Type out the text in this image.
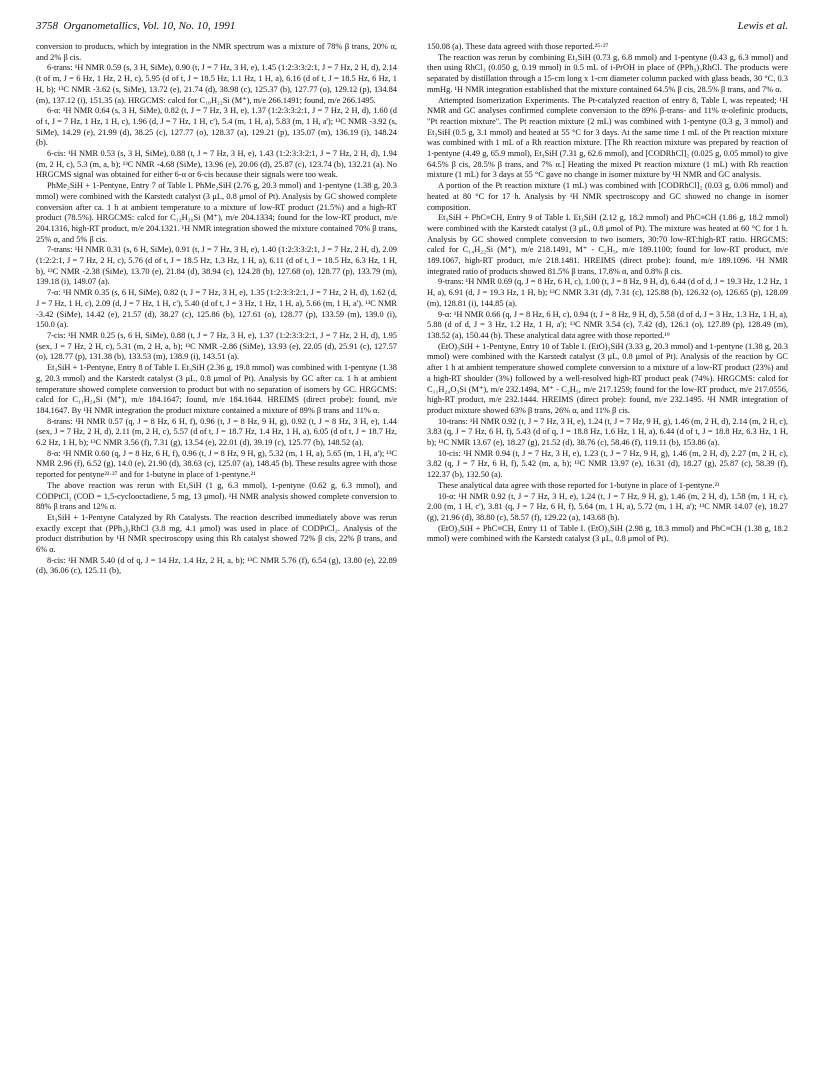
3758 Organometallics, Vol. 10, No. 10, 1991	Lewis et al.

conversion to products, which by integration in the NMR spectrum was a mixture of 78% β trans, 20% α, and 2% β cis.

6-trans: ¹H NMR 0.59 (s, 3 H, SiMe), 0.90 (t, J = 7 Hz, 3 H, e), 1.45 (1:2:3:3:2:1, J = 7 Hz, 2 H, d), 2.14 (t of m, J = 6 Hz, 1 Hz, 2 H, c), 5.95 (d of t, J = 18.5 Hz, 1.1 Hz, 1 H, a), 6.16 (d of t, J = 18.5 Hz, 6 Hz, 1 H, b); ¹³C NMR -3.62 (s, SiMe), 13.72 (e), 21.74 (d), 38.98 (c), 125.37 (b), 127.77 (o), 129.12 (p), 134.84 (m), 137.12 (i), 151.35 (a). HRGCMS: calcd for C₁₈H₂₂Si (M⁺), m/e 266.1491; found, m/e 266.1495.

6-α: ¹H NMR 0.64 (s, 3 H, SiMe), 0.82 (t, J = 7 Hz, 3 H, e), 1.37 (1:2:3:3:2:1, J = 7 Hz, 2 H, d), 1.60 (d of t, J = 7 Hz, 1 Hz, 1 H, c), 1.96 (d, J = 7 Hz, 1 H, c'), 5.4 (m, 1 H, a), 5.83 (m, 1 H, a'); ¹³C NMR -3.92 (s, SiMe), 14.29 (e), 21.99 (d), 38.25 (c), 127.77 (o), 128.37 (a), 129.21 (p), 135.07 (m), 136.19 (i), 148.24 (b).

6-cis: ¹H NMR 0.53 (s, 3 H, SiMe), 0.88 (t, J = 7 Hz, 3 H, e), 1.43 (1:2:3:3:2:1, J = 7 Hz, 2 H, d), 1.94 (m, 2 H, c), 5.3 (m, a, b); ¹³C NMR -4.68 (SiMe), 13.96 (e), 20.06 (d), 25.87 (c), 123.74 (b), 132.21 (a). No HRGCMS signal was obtained for either 6-α or 6-cis because their signals were too weak.

PhMe₂SiH + 1-Pentyne, Entry 7 of Table I. PhMe₂SiH (2.76 g, 20.3 mmol) and 1-pentyne (1.38 g, 20.3 mmol) were combined with the Karstedt catalyst (3 μL, 0.8 μmol of Pt). Analysis by GC showed complete conversion after ca. 1 h at ambient temperature to a mixture of low-RT product (21.5%) and a high-RT product (78.5%). HRGCMS: calcd for C₁₃H₂₀Si (M⁺), m/e 204.1334; found for the low-RT product, m/e 204.1316, high-RT product, m/e 204.1321. ¹H NMR integration showed the mixture contained 70% β trans, 25% α, and 5% β cis.

7-trans: ¹H NMR 0.31 (s, 6 H, SiMe), 0.91 (t, J = 7 Hz, 3 H, e), 1.40 (1:2:3:3:2:1, J = 7 Hz, 2 H, d), 2.09 (1:2:2:1, J = 7 Hz, 2 H, c), 5.76 (d of t, J = 18.5 Hz, 1.3 Hz, 1 H, a), 6.11 (d of t, J = 18.5 Hz, 6.3 Hz, 1 H, b), ¹³C NMR -2.38 (SiMe), 13.70 (e), 21.84 (d), 38.94 (c), 124.28 (b), 127.68 (o), 128.77 (p), 133.79 (m), 139.18 (i), 149.07 (a).

7-α: ¹H NMR 0.35 (s, 6 H, SiMe), 0.82 (t, J = 7 Hz, 3 H, e), 1.35 (1:2:3:3:2:1, J = 7 Hz, 2 H, d), 1.62 (d, J = 7 Hz, 1 H, c), 2.09 (d, J = 7 Hz, 1 H, c'), 5.40 (d of t, J = 3 Hz, 1 Hz, 1 H, a), 5.66 (m, 1 H, a'). ¹³C NMR -3.42 (SiMe), 14.42 (e), 21.57 (d), 38.27 (c), 125.86 (b), 127.61 (o), 128.77 (p), 133.59 (m), 139.0 (i), 150.0 (a).

7-cis: ¹H NMR 0.25 (s, 6 H, SiMe), 0.88 (t, J = 7 Hz, 3 H, e), 1.37 (1:2:3:3:2:1, J = 7 Hz, 2 H, d), 1.95 (sex, J = 7 Hz, 2 H, c), 5.31 (m, 2 H, a, b); ¹³C NMR -2.86 (SiMe), 13.93 (e), 22.05 (d), 25.91 (c), 127.57 (o), 128.77 (p), 131.38 (b), 133.53 (m), 138.9 (i), 143.51 (a).

Et₃SiH + 1-Pentyne, Entry 8 of Table I. Et₃SiH (2.36 g, 19.8 mmol) was combined with 1-pentyne (1.38 g, 20.3 mmol) and the Karstedt catalyst (3 μL, 0.8 μmol of Pt). Analysis by GC after ca. 1 h at ambient temperature showed complete conversion to product but with no separation of isomers by GC. HRGCMS: calcd for C₁₁H₂₄Si (M⁺), m/e 184.1647; found, m/e 184.1644. HREIMS (direct probe): found, m/e 184.1647. By ¹H NMR integration the product mixture contained a mixture of 89% β trans and 11% α.

8-trans: ¹H NMR 0.57 (q, J = 8 Hz, 6 H, f), 0.96 (t, J = 8 Hz, 9 H, g), 0.92 (t, J = 8 Hz, 3 H, e), 1.44 (sex, J = 7 Hz, 2 H, d), 2.11 (m, 2 H, c), 5.57 (d of t, J = 18.7 Hz, 1.4 Hz, 1 H, a), 6.05 (d of t, J = 18.7 Hz, 6.2 Hz, 1 H, b); ¹³C NMR 3.56 (f), 7.31 (g), 13.54 (e), 22.01 (d), 39.19 (c), 125.77 (b), 148.52 (a).

8-α: ¹H NMR 0.60 (q, J = 8 Hz, 6 H, f), 0.96 (t, J = 8 Hz, 9 H, g), 5.32 (m, 1 H, a), 5.65 (m, 1 H, a'); ¹³C NMR 2.96 (f), 6.52 (g), 14.0 (e), 21.90 (d), 38.63 (c), 125.07 (a), 148.45 (b). These results agree with those reported for pentyne²²·²⁷ and for 1-butyne in place of 1-pentyne.²¹

The above reaction was rerun with Et₃SiH (1 g, 6.3 mmol), 1-pentyne (0.62 g, 6.3 mmol), and CODPtCl₂ (COD = 1,5-cyclooctadiene, 5 mg, 13 μmol). ¹H NMR analysis showed complete conversion to 88% β trans and 12% α.

Et₃SiH + 1-Pentyne Catalyzed by Rh Catalysts. The reaction described immediately above was rerun exactly except that (PPh₃)₃RhCl (3.8 mg, 4.1 μmol) was used in place of CODPtCl₂. Analysis of the product distribution by ¹H NMR spectroscopy using this Rh catalyst showed 72% β cis, 22% β trans, and 6% α.

8-cis: ¹H NMR 5.40 (d of q, J = 14 Hz, 1.4 Hz, 2 H, a, b); ¹³C NMR 5.76 (f), 6.54 (g), 13.80 (e), 22.89 (d), 36.06 (c), 125.11 (b),

150.08 (a). These data agreed with those reported.²⁵·²⁷

The reaction was rerun by combining Et₃SiH (0.73 g, 6.8 mmol) and 1-pentyne (0.43 g, 6.3 mmol) and then using RhCl₃ (0.050 g, 0.19 mmol) in 0.5 mL of i-PrOH in place of (PPh₃)₃RhCl. The products were separated by distillation through a 15-cm long x 1-cm diameter column packed with glass beads, 30 °C, 0.3 mmHg. ¹H NMR integration established that the mixture contained 64.5% β cis, 28.5% β trans, and 7% α.

Attempted Isomerization Experiments. The Pt-catalyzed reaction of entry 8, Table I, was repeated; ¹H NMR and GC analyses confirmed complete conversion to the 89% β-trans- and 11% α-olefinic products, "Pt reaction mixture". The Pt reaction mixture (2 mL) was combined with 1-pentyne (0.3 g, 3 mmol) and Et₃SiH (0.5 g, 3.1 mmol) and heated at 55 °C for 3 days. At the same time 1 mL of the Pt reaction mixture was combined with 1 mL of a Rh reaction mixture. [The Rh reaction mixture was prepared by reaction of 1-pentyne (4.49 g, 65.9 mmol), Et₃SiH (7.31 g, 62.6 mmol), and [CODRhCl]₂ (0.025 g, 0.05 mmol) to give 64.5% β cis, 28.5% β trans, and 7% α.] Heating the mixed Pt reaction mixture (1 mL) with Rh reaction mixture (1 mL) for 3 days at 55 °C gave no change in isomer mixture by ¹H NMR and GC analysis.

A portion of the Pt reaction mixture (1 mL) was combined with [CODRhCl]₂ (0.03 g, 0.06 mmol) and heated at 80 °C for 17 h. Analysis by ¹H NMR spectroscopy and GC showed no change in isomer composition.

Et₃SiH + PhC≡CH, Entry 9 of Table I. Et₃SiH (2.12 g, 18.2 mmol) and PhC≡CH (1.86 g, 18.2 mmol) were combined with the Karstedt catalyst (3 μL, 0.8 μmol of Pt). The mixture was heated at 60 °C for 1 h. Analysis by GC showed complete conversion to two isomers, 30:70 low-RT:high-RT ratio. HRGCMS: calcd for C₁₄H₂₂Si (M⁺), m/e 218.1491, M⁺ - C₂H₅, m/e 189.1100; found for low-RT product, m/e 189.1067, high-RT product, m/e 218.1481. HREIMS (direct probe): found, m/e 189.1096. ¹H NMR integrated ratio of products showed 81.5% β trans, 17.8% α, and 0.8% β cis.

9-trans: ¹H NMR 0.69 (q, J = 8 Hz, 6 H, c), 1.00 (t, J = 8 Hz, 9 H, d), 6.44 (d of d, J = 19.3 Hz, 1.2 Hz, 1 H, a), 6.91 (d, J = 19.3 Hz, 1 H, b); ¹³C NMR 3.31 (d), 7.31 (c), 125.88 (b), 126.32 (o), 126.65 (p), 128.09 (m), 128.81 (i), 144.85 (a).

9-α: ¹H NMR 0.66 (q, J = 8 Hz, 6 H, c), 0.94 (t, J = 8 Hz, 9 H, d), 5.58 (d of d, J = 3 Hz, 1.3 Hz, 1 H, a), 5.88 (d of d, J = 3 Hz, 1.2 Hz, 1 H, a'); ¹³C NMR 3.54 (c), 7.42 (d), 126.1 (o), 127.89 (p), 128.49 (m), 138.52 (a), 150.44 (b). These analytical data agree with those reported.¹⁹

(EtO)₃SiH + 1-Pentyne, Entry 10 of Table I. (EtO)₃SiH (3.33 g, 20.3 mmol) and 1-pentyne (1.38 g, 20.3 mmol) were combined with the Karstedt catalyst (3 μL, 0.8 μmol of Pt). Analysis of the reaction by GC after 1 h at ambient temperature showed complete conversion to a mixture of a low-RT product (23%) and a high-RT shoulder (3%) followed by a well-resolved high-RT product peak (74%). HRGCMS: calcd for C₁₁H₂₄O₃Si (M⁺), m/e 232.1494, M⁺ - C₂H₅, m/e 217.1259; found for the low-RT product, m/e 217.0556, high-RT product, m/e 232.1444. HREIMS (direct probe): found, m/e 232.1495. ¹H NMR integration of product mixture showed 63% β trans, 26% α, and 11% β cis.

10-trans: ¹H NMR 0.92 (t, J = 7 Hz, 3 H, e), 1.24 (t, J = 7 Hz, 9 H, g), 1.46 (m, 2 H, d), 2.14 (m, 2 H, c), 3.83 (q, J = 7 Hz, 6 H, f), 5.43 (d of q, J = 18.8 Hz, 1.6 Hz, 1 H, a), 6.44 (d of t, J = 18.8 Hz, 6.3 Hz, 1 H, b); ¹³C NMR 13.67 (e), 18.27 (g), 21.52 (d), 38.76 (c), 58.46 (f), 119.11 (b), 153.86 (a).

10-cis: ¹H NMR 0.94 (t, J = 7 Hz, 3 H, e), 1.23 (t, J = 7 Hz, 9 H, g), 1.46 (m, 2 H, d), 2.27 (m, 2 H, c), 3.82 (q, J = 7 Hz, 6 H, f), 5.42 (m, a, b); ¹³C NMR 13.97 (e), 16.31 (d), 18.27 (g), 25.87 (c), 58.39 (f), 122.37 (b), 132.50 (a).

These analytical data agree with those reported for 1-butyne in place of 1-pentyne.²¹

10-α: ¹H NMR 0.92 (t, J = 7 Hz, 3 H, e), 1.24 (t, J = 7 Hz, 9 H, g), 1.46 (m, 2 H, d), 1.58 (m, 1 H, c), 2.00 (m, 1 H, c'), 3.81 (q, J = 7 Hz, 6 H, f), 5.64 (m, 1 H, a), 5.72 (m, 1 H, a'); ¹³C NMR 14.07 (e), 18.27 (g), 21.96 (d), 38.80 (c), 58.57 (f), 129.22 (a), 143.68 (b).

(EtO)₃SiH + PhC≡CH, Entry 11 of Table I. (EtO)₃SiH (2.98 g, 18.3 mmol) and PhC≡CH (1.38 g, 18.2 mmol) were combined with the Karstedt catalyst (3 μL, 0.8 μmol of Pt).
